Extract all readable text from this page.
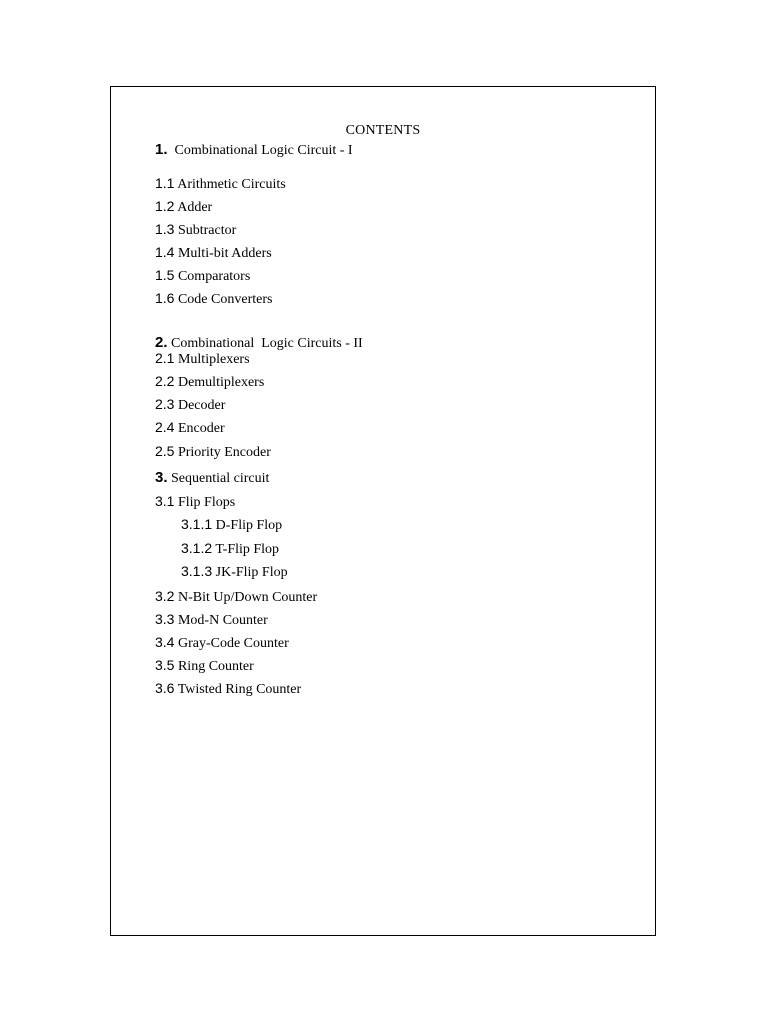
CONTENTS
1. Combinational Logic Circuit - I
1.1 Arithmetic Circuits
1.2 Adder
1.3 Subtractor
1.4 Multi-bit Adders
1.5 Comparators
1.6 Code Converters
2. Combinational  Logic Circuits - II
2.1 Multiplexers
2.2 Demultiplexers
2.3 Decoder
2.4 Encoder
2.5 Priority Encoder
3. Sequential circuit
3.1 Flip Flops
3.1.1 D-Flip Flop
3.1.2 T-Flip Flop
3.1.3 JK-Flip Flop
3.2 N-Bit Up/Down Counter
3.3 Mod-N Counter
3.4 Gray-Code Counter
3.5 Ring Counter
3.6 Twisted Ring Counter
